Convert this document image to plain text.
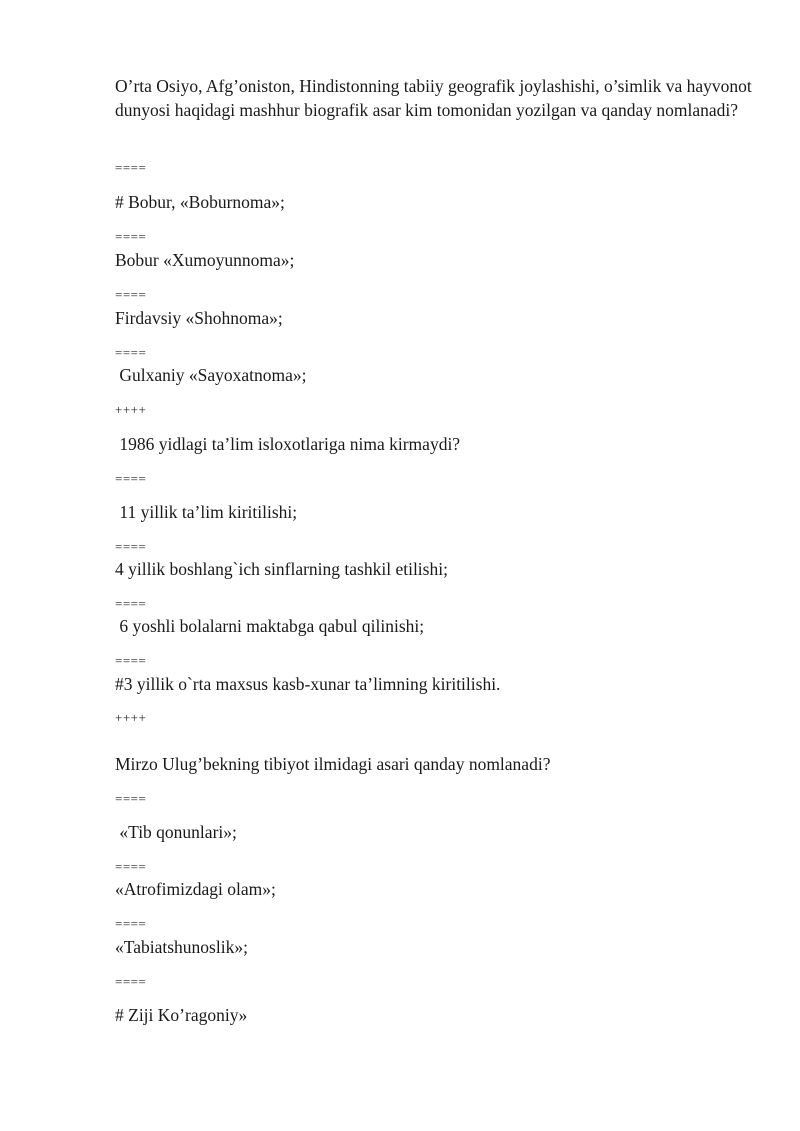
O’rta Osiyo, Afg’oniston, Hindistonning tabiiy geografik joylashishi, o’simlik va hayvonot dunyosi haqidagi mashhur biografik asar kim tomonidan yozilgan va qanday nomlanadi?
====
# Bobur, «Boburnoma»;
====
Bobur «Xumoyunnoma»;
====
Firdavsiy «Shohnoma»;
====
Gulxaniy «Sayoxatnoma»;
++++
1986 yidlagi ta’lim isloxotlariga nima kirmaydi?
====
11 yillik ta’lim kiritilishi;
====
4 yillik boshlang`ich sinflarning tashkil etilishi;
====
6 yoshli bolalarni maktabga qabul qilinishi;
====
#3 yillik o`rta maxsus kasb-xunar ta’limning kiritilishi.
++++
Mirzo Ulug’bekning tibiyot ilmidagi asari qanday nomlanadi?
====
«Tib qonunlari»;
====
«Atrofimizdagi olam»;
====
«Tabiatshunoslik»;
====
# Ziji Ko’ragoniy»
